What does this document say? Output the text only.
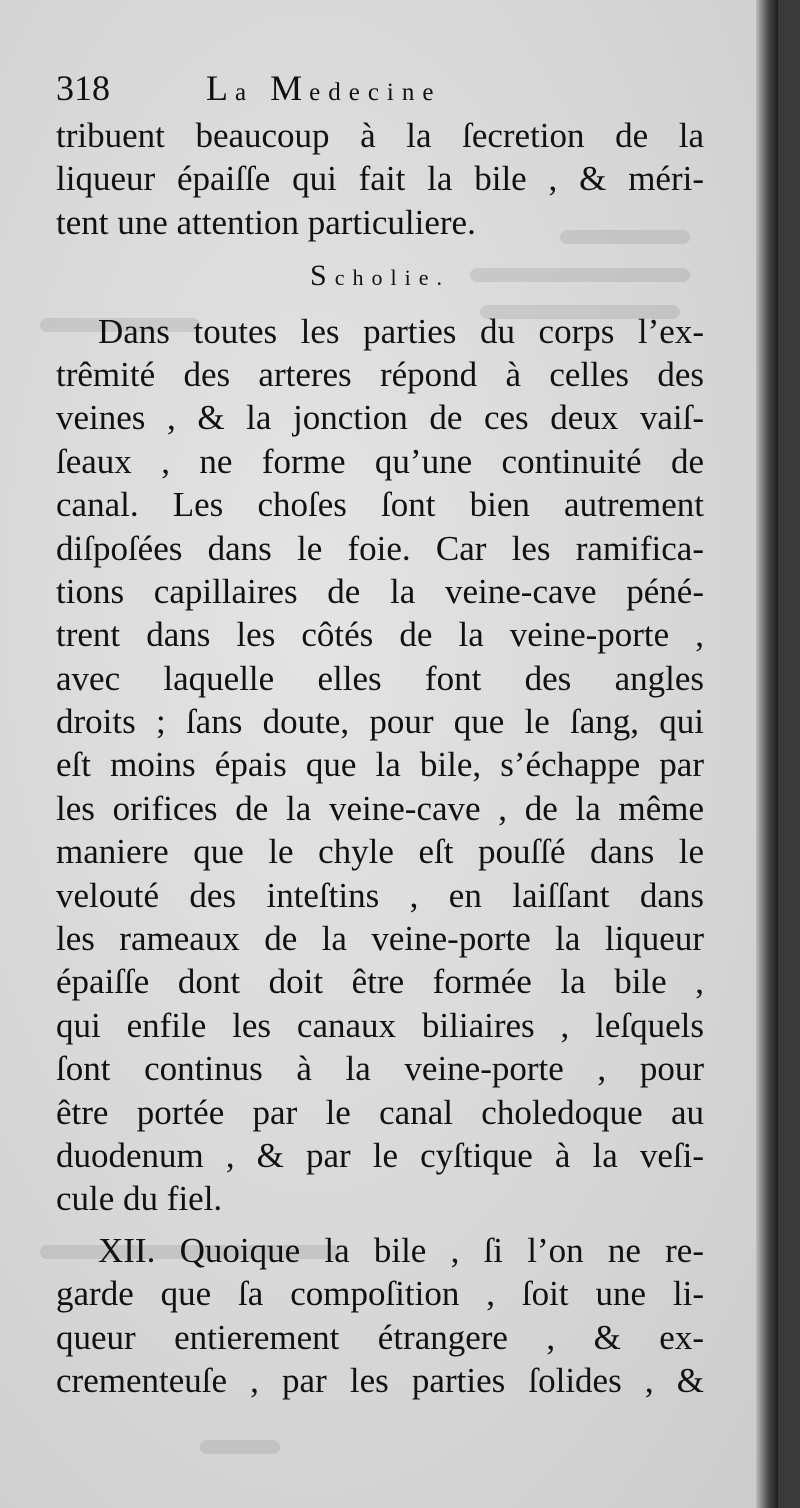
318	La Medecine
tribuent beaucoup à la ſecretion de la
liqueur épaiſſe qui fait la bile , & méri-
tent une attention particuliere.
Scholie.
Dans toutes les parties du corps l’ex-
trêmité des arteres répond à celles des
veines , & la jonction de ces deux vaiſ-
ſeaux , ne forme qu’une continuité de
canal. Les choſes ſont bien autrement
diſpoſées dans le foie. Car les ramifica-
tions capillaires de la veine-cave péné-
trent dans les côtés de la veine-porte ,
avec laquelle elles font des angles
droits ; ſans doute, pour que le ſang, qui
eſt moins épais que la bile, s’échappe par
les orifices de la veine-cave , de la même
maniere que le chyle eſt pouſſé dans le
velouté des inteſtins , en laiſſant dans
les rameaux de la veine-porte la liqueur
épaiſſe dont doit être formée la bile ,
qui enfile les canaux biliaires , leſquels
ſont continus à la veine-porte , pour
être portée par le canal choledoque au
duodenum , & par le cyſtique à la veſi-
cule du fiel.
XII. Quoique la bile , ſi l’on ne re-
garde que ſa compoſition , ſoit une li-
queur entierement étrangere , & ex-
crementeuſe , par les parties ſolides , &
